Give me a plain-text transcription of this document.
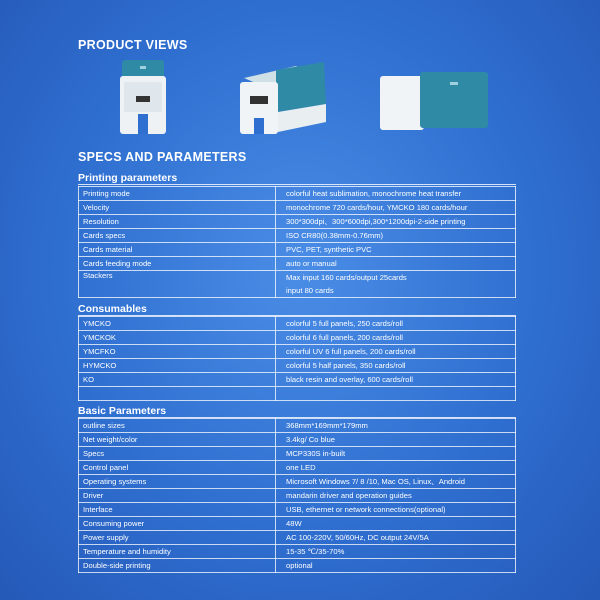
PRODUCT VIEWS
SPECS AND PARAMETERS
Printing parameters
Printing mode	colorful heat sublimation, monochrome heat transfer
Velocity	monochrome 720 cards/hour, YMCKO 180 cards/hour
Resolution	300*300dpi、300*600dpi,300*1200dpi-2-side printing
Cards specs	ISO CR80(0.38mm-0.76mm)
Cards material	PVC, PET, synthetic PVC
Cards feeding mode	auto or manual
Stackers	Max input 160 cards/output 25cards
input 80 cards
Consumables
YMCKO	colorful 5 full panels, 250 cards/roll
YMCKOK	colorful 6 full panels, 200 cards/roll
YMCFKO	colorful UV 6 full panels, 200 cards/roll
HYMCKO	colorful 5 half panels, 350 cards/roll
KO	black resin and overlay, 600 cards/roll

Basic Parameters
outline sizes	368mm*169mm*179mm
Net weight/color	3.4kg/ Co blue
Specs	MCP330S in-built
Control panel	one LED
Operating systems	Microsoft Windows 7/ 8 /10, Mac OS, Linux、Android
Driver	mandarin driver and operation guides
Interface	USB, ethernet or network connections(optional)
Consuming power	48W
Power supply	AC 100-220V, 50/60Hz, DC output 24V/5A
Temperature and humidity	15-35 ℃/35-70%
Double-side printing	optional
